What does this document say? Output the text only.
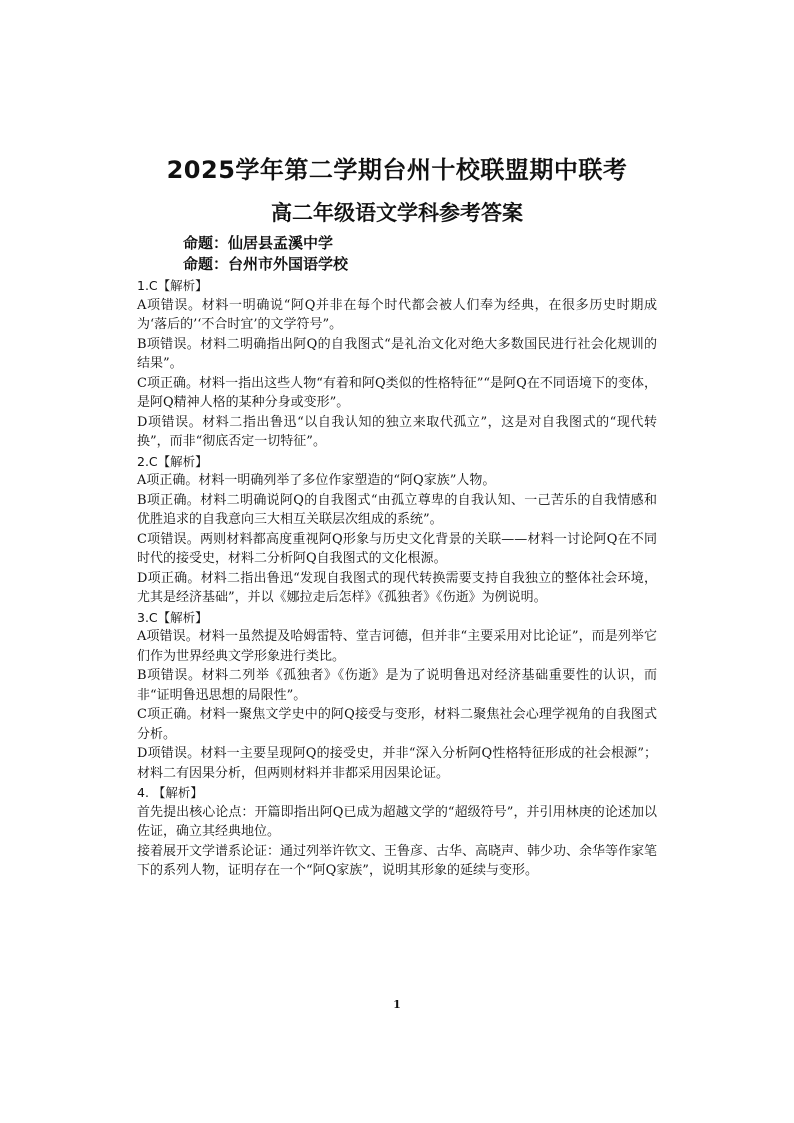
2025学年第二学期台州十校联盟期中联考
高二年级语文学科参考答案
命题：仙居县孟溪中学
命题：台州市外国语学校

1.C【解析】

A项错误。材料一明确说“阿Q并非在每个时代都会被人们奉为经典，在很多历史时期成为‘落后的’‘不合时宜’的文学符号”。

B项错误。材料二明确指出阿Q的自我图式“是礼治文化对绝大多数国民进行社会化规训的结果”。

C项正确。材料一指出这些人物“有着和阿Q类似的性格特征”“是阿Q在不同语境下的变体，是阿Q精神人格的某种分身或变形”。

D项错误。材料二指出鲁迅“以自我认知的独立来取代孤立”，这是对自我图式的“现代转换”，而非“彻底否定一切特征”。

2.C【解析】

A项正确。材料一明确列举了多位作家塑造的“阿Q家族”人物。

B项正确。材料二明确说阿Q的自我图式“由孤立尊卑的自我认知、一己苦乐的自我情感和优胜追求的自我意向三大相互关联层次组成的系统”。

C项错误。两则材料都高度重视阿Q形象与历史文化背景的关联——材料一讨论阿Q在不同时代的接受史，材料二分析阿Q自我图式的文化根源。

D项正确。材料二指出鲁迅“发现自我图式的现代转换需要支持自我独立的整体社会环境，尤其是经济基础”，并以《娜拉走后怎样》《孤独者》《伤逝》为例说明。

3.C【解析】

A项错误。材料一虽然提及哈姆雷特、堂吉诃德，但并非“主要采用对比论证”，而是列举它们作为世界经典文学形象进行类比。

B项错误。材料二列举《孤独者》《伤逝》是为了说明鲁迅对经济基础重要性的认识，而非“证明鲁迅思想的局限性”。

C项正确。材料一聚焦文学史中的阿Q接受与变形，材料二聚焦社会心理学视角的自我图式分析。

D项错误。材料一主要呈现阿Q的接受史，并非“深入分析阿Q性格特征形成的社会根源”；材料二有因果分析，但两则材料并非都采用因果论证。

4. 【解析】

首先提出核心论点：开篇即指出阿Q已成为超越文学的“超级符号”，并引用林庚的论述加以佐证，确立其经典地位。

接着展开文学谱系论证：通过列举许钦文、王鲁彦、古华、高晓声、韩少功、余华等作家笔下的系列人物，证明存在一个“阿Q家族”，说明其形象的延续与变形。

1
